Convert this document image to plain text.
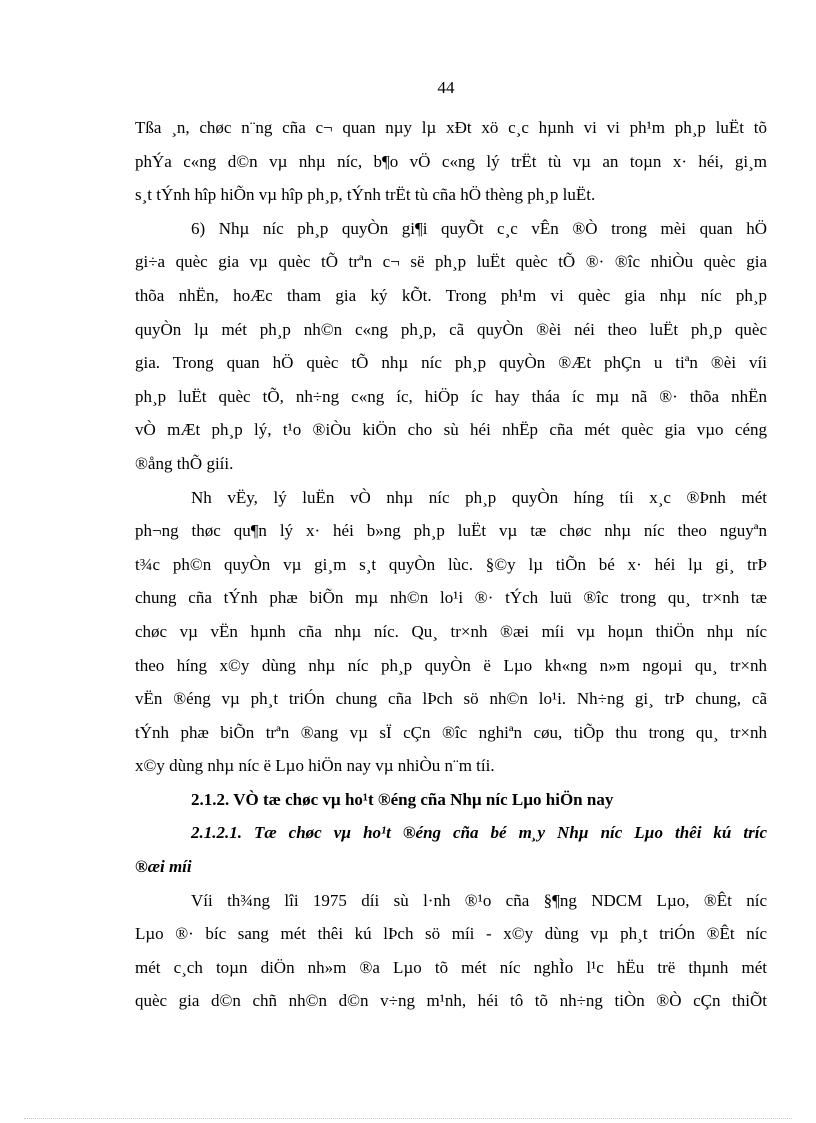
44
Tßa ¸n, chøc n¨ng cña c¬ quan nµy lµ xÐt xö c¸c hµnh vi vi ph¹m ph¸p luËt tõ
phÝa c«ng d©n vµ nhµ níc, b¶o vÖ c«ng lý trËt tù vµ an toµn x· héi, gi¸m
s¸t tÝnh hîp hiÕn vµ hîp ph¸p, tÝnh trËt tù cña hÖ thèng ph¸p luËt.
6) Nhµ níc ph¸p quyÒn gi¶i quyÕt c¸c vÊn ®Ò trong mèi quan hÖ
gi÷a quèc gia vµ quèc tÕ trªn c¬ së ph¸p luËt quèc tÕ ®· ®îc nhiÒu quèc gia
thõa nhËn, hoÆc tham gia ký kÕt. Trong ph¹m vi quèc gia nhµ níc ph¸p
quyÒn lµ mét ph¸p nh©n c«ng ph¸p, cã quyÒn ®èi néi theo luËt ph¸p quèc
gia. Trong quan hÖ quèc tÕ nhµ níc ph¸p quyÒn ®Æt phÇn u tiªn ®èi víi
ph¸p luËt quèc tÕ, nh÷ng c«ng íc, hiÖp íc hay tháa íc mµ nã ®· thõa nhËn
vÒ mÆt ph¸p lý, t¹o ®iÒu kiÖn cho sù héi nhËp cña mét quèc gia vµo céng
®ång thÕ giíi.
Nh vËy, lý luËn vÒ nhµ níc ph¸p quyÒn híng tíi x¸c ®Þnh mét
ph¬ng thøc qu¶n lý x· héi b»ng ph¸p luËt vµ tæ chøc nhµ níc theo nguyªn
t¾c ph©n quyÒn vµ gi¸m s¸t quyÒn lùc. §©y lµ tiÕn bé x· héi lµ gi¸ trÞ
chung cña tÝnh phæ biÕn mµ nh©n lo¹i ®· tÝch luü ®îc trong qu¸ tr×nh tæ
chøc vµ vËn hµnh cña nhµ níc. Qu¸ tr×nh ®æi míi vµ hoµn thiÖn nhµ níc
theo híng x©y dùng nhµ níc ph¸p quyÒn ë Lµo kh«ng n»m ngoµi qu¸ tr×nh
vËn ®éng vµ ph¸t triÓn chung cña lÞch sö nh©n lo¹i. Nh÷ng gi¸ trÞ chung, cã
tÝnh phæ biÕn trªn ®ang vµ sÏ cÇn ®îc nghiªn cøu, tiÕp thu trong qu¸ tr×nh
x©y dùng nhµ níc ë Lµo hiÖn nay vµ nhiÒu n¨m tíi.
2.1.2. VÒ tæ chøc vµ ho¹t ®éng cña Nhµ níc Lµo hiÖn nay
2.1.2.1. Tæ chøc vµ ho¹t ®éng cña bé m¸y Nhµ níc Lµo thêi kú tríc
®æi míi
Víi th¾ng lîi 1975 díi sù l·nh ®¹o cña §¶ng NDCM Lµo, ®Êt níc
Lµo ®· bíc sang mét thêi kú lÞch sö míi - x©y dùng vµ ph¸t triÓn ®Êt níc
mét c¸ch toµn diÖn nh»m ®a Lµo tõ mét níc nghÌo l¹c hËu trë thµnh mét
quèc gia d©n chñ nh©n d©n v÷ng m¹nh, héi tô tõ nh÷ng tiÒn ®Ò cÇn thiÕt
